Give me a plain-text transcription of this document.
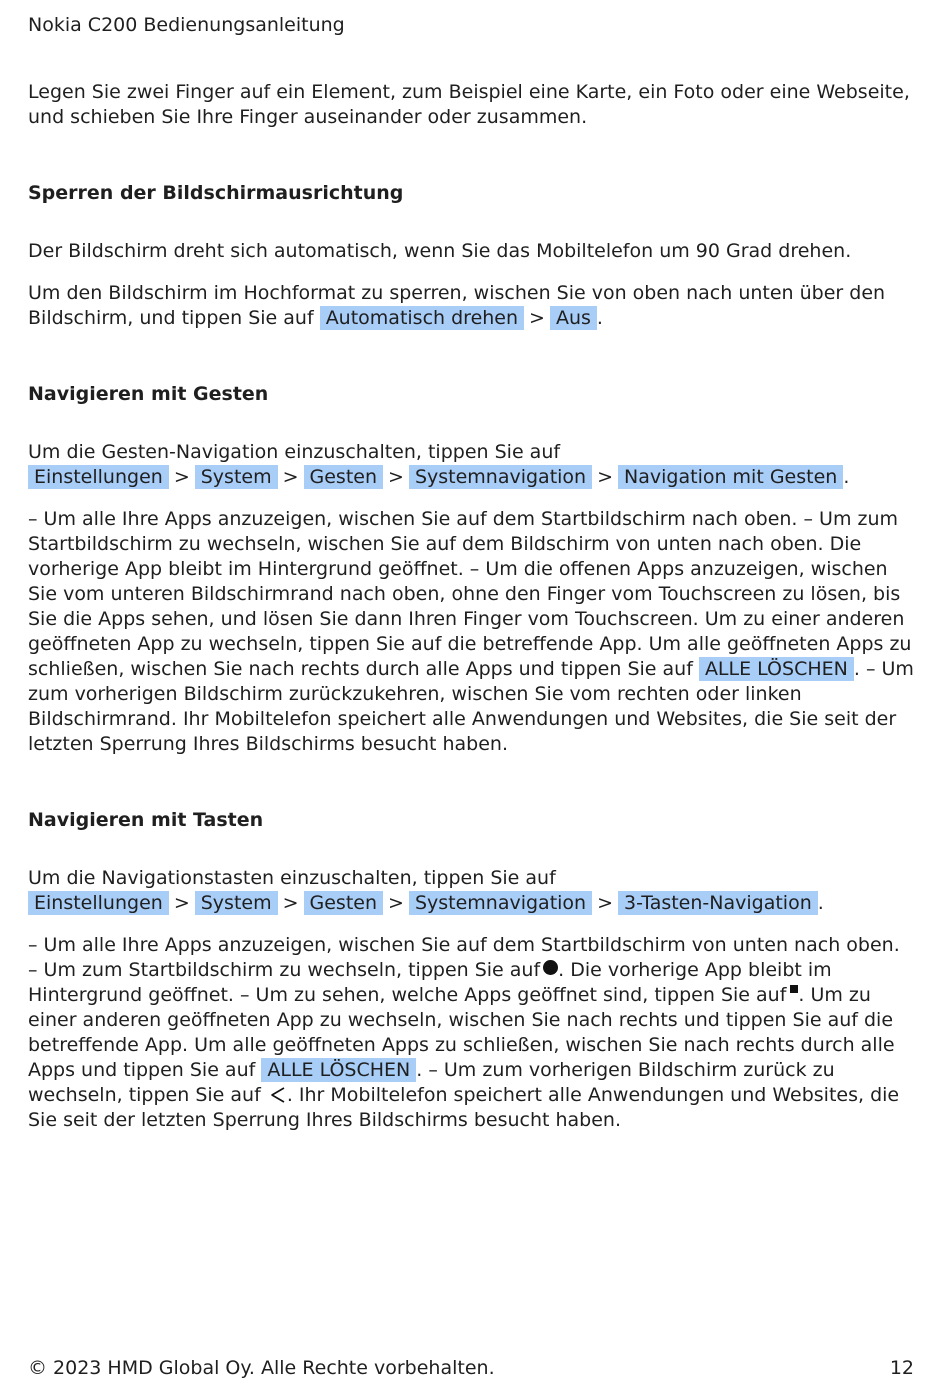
Nokia C200 Bedienungsanleitung

Legen Sie zwei Finger auf ein Element, zum Beispiel eine Karte, ein Foto oder eine Webseite, und schieben Sie Ihre Finger auseinander oder zusammen.

Sperren der Bildschirmausrichtung

Der Bildschirm dreht sich automatisch, wenn Sie das Mobiltelefon um 90 Grad drehen.

Um den Bildschirm im Hochformat zu sperren, wischen Sie von oben nach unten über den Bildschirm, und tippen Sie auf Automatisch drehen > Aus .

Navigieren mit Gesten

Um die Gesten-Navigation einzuschalten, tippen Sie auf Einstellungen > System > Gesten > Systemnavigation > Navigation mit Gesten .

– Um alle Ihre Apps anzuzeigen, wischen Sie auf dem Startbildschirm nach oben. – Um zum Startbildschirm zu wechseln, wischen Sie auf dem Bildschirm von unten nach oben. Die vorherige App bleibt im Hintergrund geöffnet. – Um die offenen Apps anzuzeigen, wischen Sie vom unteren Bildschirmrand nach oben, ohne den Finger vom Touchscreen zu lösen, bis Sie die Apps sehen, und lösen Sie dann Ihren Finger vom Touchscreen. Um zu einer anderen geöffneten App zu wechseln, tippen Sie auf die betreffende App. Um alle geöffneten Apps zu schließen, wischen Sie nach rechts durch alle Apps und tippen Sie auf ALLE LÖSCHEN . – Um zum vorherigen Bildschirm zurückzukehren, wischen Sie vom rechten oder linken Bildschirmrand. Ihr Mobiltelefon speichert alle Anwendungen und Websites, die Sie seit der letzten Sperrung Ihres Bildschirms besucht haben.

Navigieren mit Tasten

Um die Navigationstasten einzuschalten, tippen Sie auf Einstellungen > System > Gesten > Systemnavigation > 3-Tasten-Navigation .

– Um alle Ihre Apps anzuzeigen, wischen Sie auf dem Startbildschirm von unten nach oben. – Um zum Startbildschirm zu wechseln, tippen Sie auf . Die vorherige App bleibt im Hintergrund geöffnet. – Um zu sehen, welche Apps geöffnet sind, tippen Sie auf . Um zu einer anderen geöffneten App zu wechseln, wischen Sie nach rechts und tippen Sie auf die betreffende App. Um alle geöffneten Apps zu schließen, wischen Sie nach rechts durch alle Apps und tippen Sie auf ALLE LÖSCHEN . – Um zum vorherigen Bildschirm zurück zu wechseln, tippen Sie auf . Ihr Mobiltelefon speichert alle Anwendungen und Websites, die Sie seit der letzten Sperrung Ihres Bildschirms besucht haben.

© 2023 HMD Global Oy. Alle Rechte vorbehalten.	12
